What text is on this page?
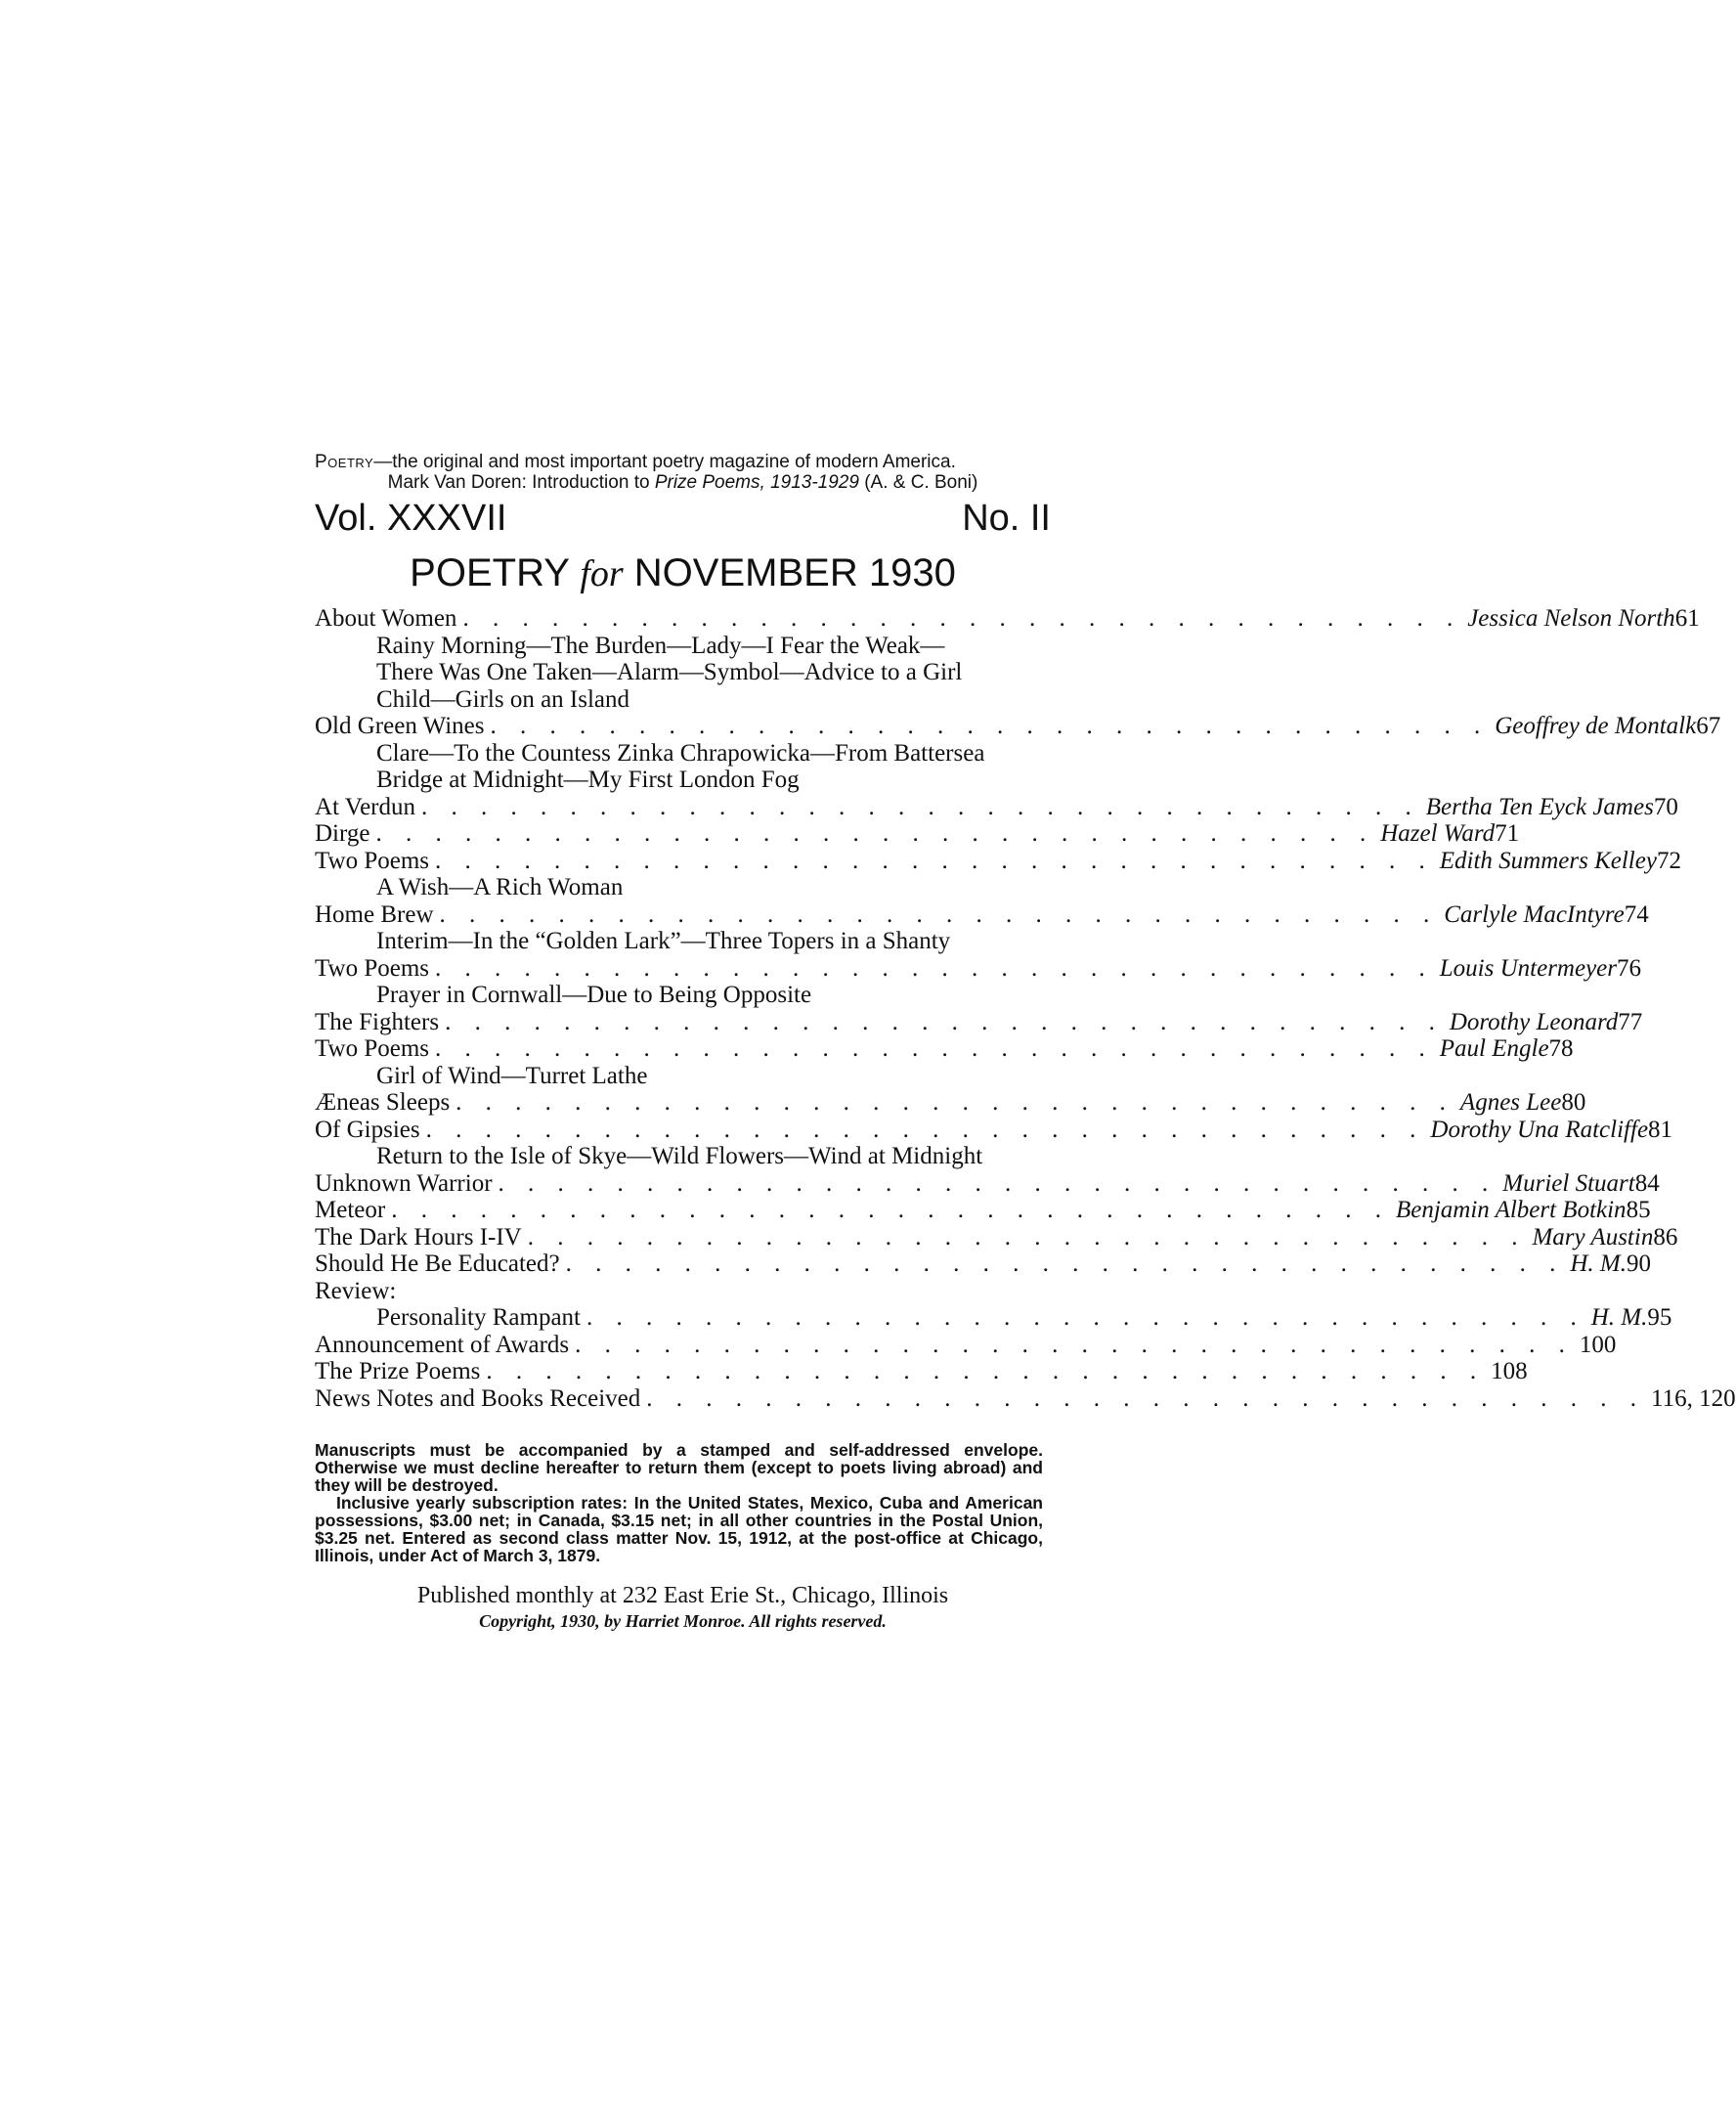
Poetry—the original and most important poetry magazine of modern America.

Mark Van Doren: Introduction to Prize Poems, 1913-1929 (A. & C. Boni)

Vol. XXXVII	No. II
POETRY for NOVEMBER 1930
About Women . . . . . . . . . . . . . . . . . . . . . . . . . . . . . . . . . . Jessica Nelson North 61
Rainy Morning—The Burden—Lady—I Fear the Weak—There Was One Taken—Alarm—Symbol—Advice to a Girl Child—Girls on an Island
Old Green Wines . . . . . . . . . . . . . . . . . . . . . . . . . . . . . . . . . . Geoffrey de Montalk 67
Clare—To the Countess Zinka Chrapowicka—From Battersea Bridge at Midnight—My First London Fog
At Verdun . . . . . . . . . . . . . . . . . . . . . . . . . . . . . . . . . . Bertha Ten Eyck James 70
Dirge . . . . . . . . . . . . . . . . . . . . . . . . . . . . . . . . . . Hazel Ward 71
Two Poems . . . . . . . . . . . . . . . . . . . . . . . . . . . . . . . . . . Edith Summers Kelley 72
A Wish—A Rich Woman
Home Brew . . . . . . . . . . . . . . . . . . . . . . . . . . . . . . . . . . Carlyle MacIntyre 74
Interim—In the “Golden Lark”—Three Topers in a Shanty
Two Poems . . . . . . . . . . . . . . . . . . . . . . . . . . . . . . . . . . Louis Untermeyer 76
Prayer in Cornwall—Due to Being Opposite
The Fighters . . . . . . . . . . . . . . . . . . . . . . . . . . . . . . . . . . Dorothy Leonard 77
Two Poems . . . . . . . . . . . . . . . . . . . . . . . . . . . . . . . . . . Paul Engle 78
Girl of Wind—Turret Lathe
Æneas Sleeps . . . . . . . . . . . . . . . . . . . . . . . . . . . . . . . . . . Agnes Lee 80
Of Gipsies . . . . . . . . . . . . . . . . . . . . . . . . . . . . . . . . . . Dorothy Una Ratcliffe 81
Return to the Isle of Skye—Wild Flowers—Wind at Midnight
Unknown Warrior . . . . . . . . . . . . . . . . . . . . . . . . . . . . . . . . . . Muriel Stuart 84
Meteor . . . . . . . . . . . . . . . . . . . . . . . . . . . . . . . . . . Benjamin Albert Botkin 85
The Dark Hours I-IV . . . . . . . . . . . . . . . . . . . . . . . . . . . . . . . . . . Mary Austin 86
Should He Be Educated? . . . . . . . . . . . . . . . . . . . . . . . . . . . . . . . . . . H. M. 90
Review:
Personality Rampant . . . . . . . . . . . . . . . . . . . . . . . . . . . . . . . . . . H. M. 95
Announcement of Awards . . . . . . . . . . . . . . . . . . . . . . . . . . . . . . . . . . 100
The Prize Poems . . . . . . . . . . . . . . . . . . . . . . . . . . . . . . . . . . 108
News Notes and Books Received . . . . . . . . . . . . . . . . . . . . . . . . . . . . . . . . . . 116, 120

Manuscripts must be accompanied by a stamped and self-addressed envelope. Otherwise we must decline hereafter to return them (except to poets living abroad) and they will be destroyed.

Inclusive yearly subscription rates: In the United States, Mexico, Cuba and American possessions, $3.00 net; in Canada, $3.15 net; in all other countries in the Postal Union, $3.25 net. Entered as second class matter Nov. 15, 1912, at the post-office at Chicago, Illinois, under Act of March 3, 1879.

Published monthly at 232 East Erie St., Chicago, Illinois
Copyright, 1930, by Harriet Monroe. All rights reserved.
